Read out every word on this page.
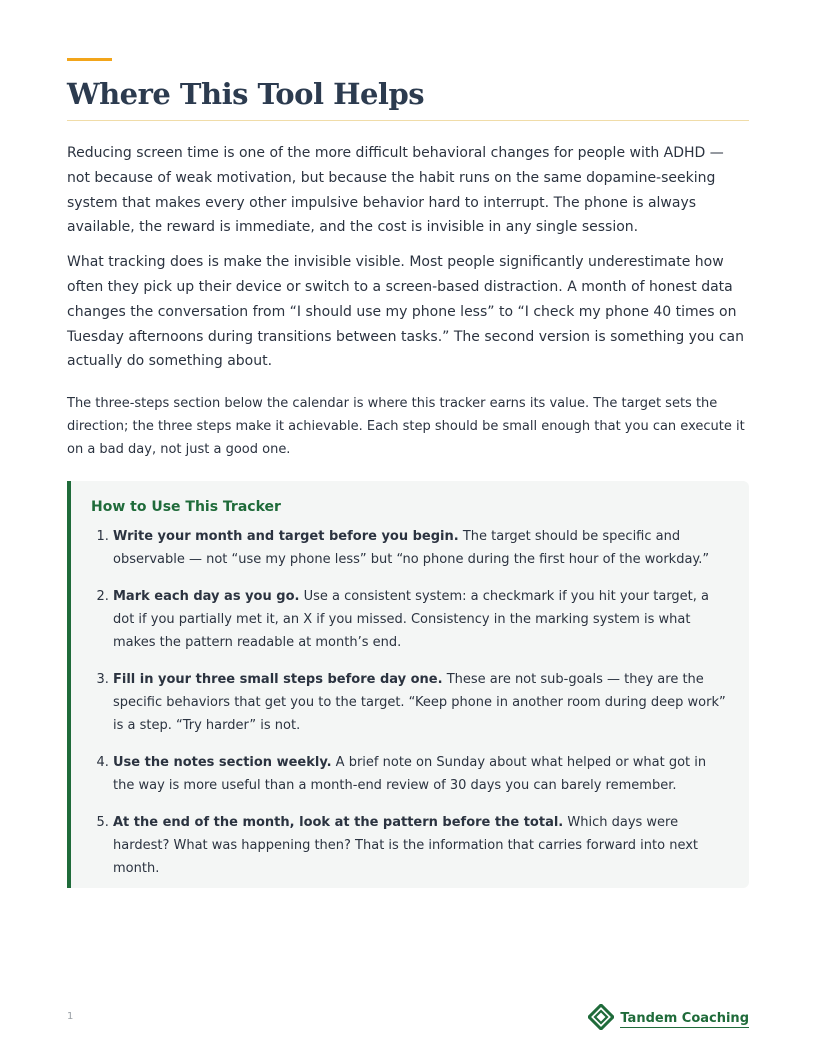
Where This Tool Helps

Reducing screen time is one of the more difficult behavioral changes for people with ADHD — not because of weak motivation, but because the habit runs on the same dopamine-seeking system that makes every other impulsive behavior hard to interrupt. The phone is always available, the reward is immediate, and the cost is invisible in any single session.

What tracking does is make the invisible visible. Most people significantly underestimate how often they pick up their device or switch to a screen-based distraction. A month of honest data changes the conversation from “I should use my phone less” to “I check my phone 40 times on Tuesday afternoons during transitions between tasks.” The second version is something you can actually do something about.

The three-steps section below the calendar is where this tracker earns its value. The target sets the direction; the three steps make it achievable. Each step should be small enough that you can execute it on a bad day, not just a good one.

How to Use This Tracker
1. Write your month and target before you begin. The target should be specific and observable — not “use my phone less” but “no phone during the first hour of the workday.”
2. Mark each day as you go. Use a consistent system: a checkmark if you hit your target, a dot if you partially met it, an X if you missed. Consistency in the marking system is what makes the pattern readable at month’s end.
3. Fill in your three small steps before day one. These are not sub-goals — they are the specific behaviors that get you to the target. “Keep phone in another room during deep work” is a step. “Try harder” is not.
4. Use the notes section weekly. A brief note on Sunday about what helped or what got in the way is more useful than a month-end review of 30 days you can barely remember.
5. At the end of the month, look at the pattern before the total. Which days were hardest? What was happening then? That is the information that carries forward into next month.
1	Tandem Coaching
